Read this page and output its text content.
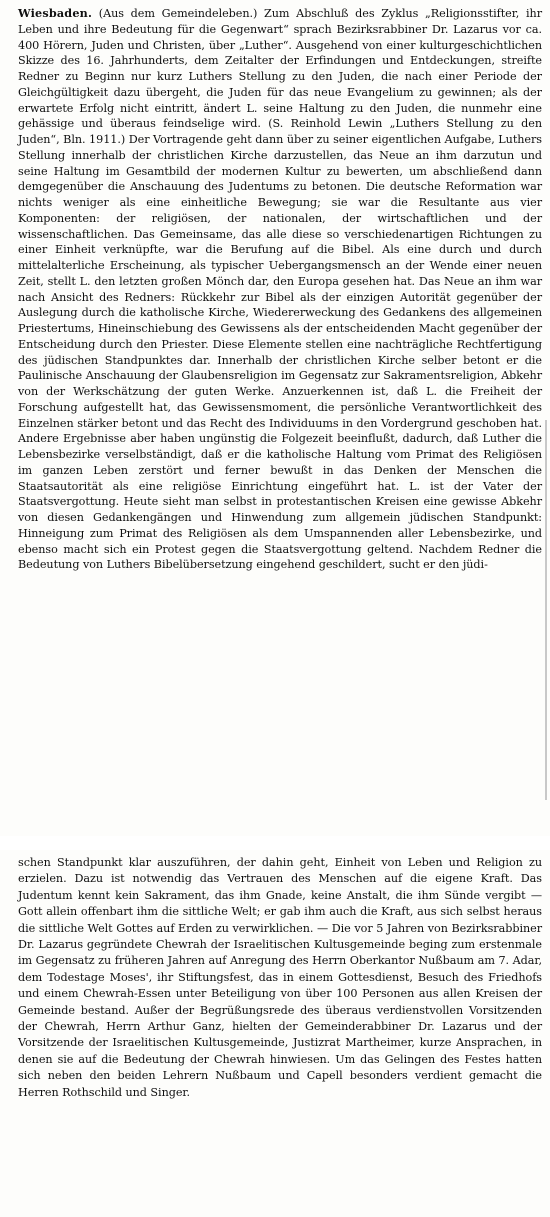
Wiesbaden. (Aus dem Gemeindeleben.) Zum Abschluß des Zyklus „Religionsstifter, ihr Leben und ihre Bedeutung für die Gegenwart“ sprach Bezirksrabbiner Dr. Lazarus vor ca. 400 Hörern, Juden und Christen, über „Luther“. Ausgehend von einer kulturgeschichtlichen Skizze des 16. Jahrhunderts, dem Zeitalter der Erfindungen und Entdeckungen, streifte Redner zu Beginn nur kurz Luthers Stellung zu den Juden, die nach einer Periode der Gleichgültigkeit dazu übergeht, die Juden für das neue Evangelium zu gewinnen; als der erwartete Erfolg nicht eintritt, ändert L. seine Haltung zu den Juden, die nunmehr eine gehässige und überaus feindselige wird. (S. Reinhold Lewin „Luthers Stellung zu den Juden“, Bln. 1911.) Der Vortragende geht dann über zu seiner eigentlichen Aufgabe, Luthers Stellung innerhalb der christlichen Kirche darzustellen, das Neue an ihm darzutun und seine Haltung im Gesamtbild der modernen Kultur zu bewerten, um abschließend dann demgegenüber die Anschauung des Judentums zu betonen. Die deutsche Reformation war nichts weniger als eine einheitliche Bewegung; sie war die Resultante aus vier Komponenten: der religiösen, der nationalen, der wirtschaftlichen und der wissenschaftlichen. Das Gemeinsame, das alle diese so verschiedenartigen Richtungen zu einer Einheit verknüpfte, war die Berufung auf die Bibel. Als eine durch und durch mittelalterliche Erscheinung, als typischer Uebergangsmensch an der Wende einer neuen Zeit, stellt L. den letzten großen Mönch dar, den Europa gesehen hat. Das Neue an ihm war nach Ansicht des Redners: Rückkehr zur Bibel als der einzigen Autorität gegenüber der Auslegung durch die katholische Kirche, Wiedererweckung des Gedankens des allgemeinen Priestertums, Hineinschiebung des Gewissens als der entscheidenden Macht gegenüber der Entscheidung durch den Priester. Diese Elemente stellen eine nachträgliche Rechtfertigung des jüdischen Standpunktes dar. Innerhalb der christlichen Kirche selber betont er die Paulinische Anschauung der Glaubensreligion im Gegensatz zur Sakramentsreligion, Abkehr von der Werkschätzung der guten Werke. Anzuerkennen ist, daß L. die Freiheit der Forschung aufgestellt hat, das Gewissensmoment, die persönliche Verantwortlichkeit des Einzelnen stärker betont und das Recht des Individuums in den Vordergrund geschoben hat. Andere Ergebnisse aber haben ungünstig die Folgezeit beeinflußt, dadurch, daß Luther die Lebensbezirke verselbständigt, daß er die katholische Haltung vom Primat des Religiösen im ganzen Leben zerstört und ferner bewußt in das Denken der Menschen die Staatsautorität als eine religiöse Einrichtung eingeführt hat. L. ist der Vater der Staatsvergottung. Heute sieht man selbst in protestantischen Kreisen eine gewisse Abkehr von diesen Gedankengängen und Hinwendung zum allgemein jüdischen Standpunkt: Hinneigung zum Primat des Religiösen als dem Umspannenden aller Lebensbezirke, und ebenso macht sich ein Protest gegen die Staatsvergottung geltend. Nachdem Redner die Bedeutung von Luthers Bibelübersetzung eingehend geschildert, sucht er den jüdi-

schen Standpunkt klar auszuführen, der dahin geht, Einheit von Leben und Religion zu erzielen. Dazu ist notwendig das Vertrauen des Menschen auf die eigene Kraft. Das Judentum kennt kein Sakrament, das ihm Gnade, keine Anstalt, die ihm Sünde vergibt — Gott allein offenbart ihm die sittliche Welt; er gab ihm auch die Kraft, aus sich selbst heraus die sittliche Welt Gottes auf Erden zu verwirklichen. — Die vor 5 Jahren von Bezirksrabbiner Dr. Lazarus gegründete Chewrah der Israelitischen Kultusgemeinde beging zum erstenmale im Gegensatz zu früheren Jahren auf Anregung des Herrn Oberkantor Nußbaum am 7. Adar, dem Todestage Moses', ihr Stiftungsfest, das in einem Gottesdienst, Besuch des Friedhofs und einem Chewrah-Essen unter Beteiligung von über 100 Personen aus allen Kreisen der Gemeinde bestand. Außer der Begrüßungsrede des überaus verdienstvollen Vorsitzenden der Chewrah, Herrn Arthur Ganz, hielten der Gemeinderabbiner Dr. Lazarus und der Vorsitzende der Israelitischen Kultusgemeinde, Justizrat Martheimer, kurze Ansprachen, in denen sie auf die Bedeutung der Chewrah hinwiesen. Um das Gelingen des Festes hatten sich neben den beiden Lehrern Nußbaum und Capell besonders verdient gemacht die Herren Rothschild und Singer.
